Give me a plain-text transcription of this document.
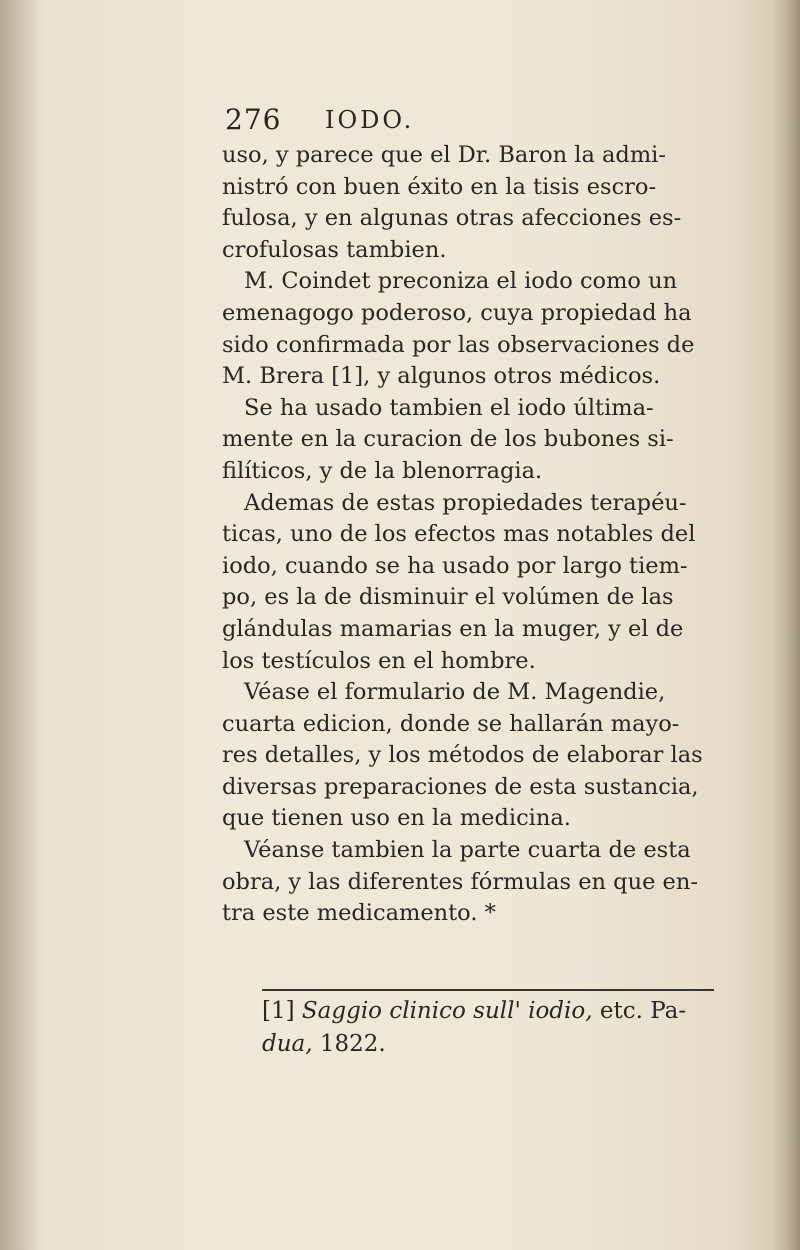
276 IODO.
uso, y parece que el Dr. Baron la admi-
nistró con buen éxito en la tisis escro-
fulosa, y en algunas otras afecciones es-
crofulosas tambien.
M. Coindet preconiza el iodo como un
emenagogo poderoso, cuya propiedad ha
sido confirmada por las observaciones de
M. Brera [1], y algunos otros médicos.
Se ha usado tambien el iodo última-
mente en la curacion de los bubones si-
filíticos, y de la blenorragia.
Ademas de estas propiedades terapéu-
ticas, uno de los efectos mas notables del
iodo, cuando se ha usado por largo tiem-
po, es la de disminuir el volúmen de las
glándulas mamarias en la muger, y el de
los testículos en el hombre.
Véase el formulario de M. Magendie,
cuarta edicion, donde se hallarán mayo-
res detalles, y los métodos de elaborar las
diversas preparaciones de esta sustancia,
que tienen uso en la medicina.
Véanse tambien la parte cuarta de esta
obra, y las diferentes fórmulas en que en-
tra este medicamento. *
[1] Saggio clinico sull' iodio, etc. Pa-
dua, 1822.
